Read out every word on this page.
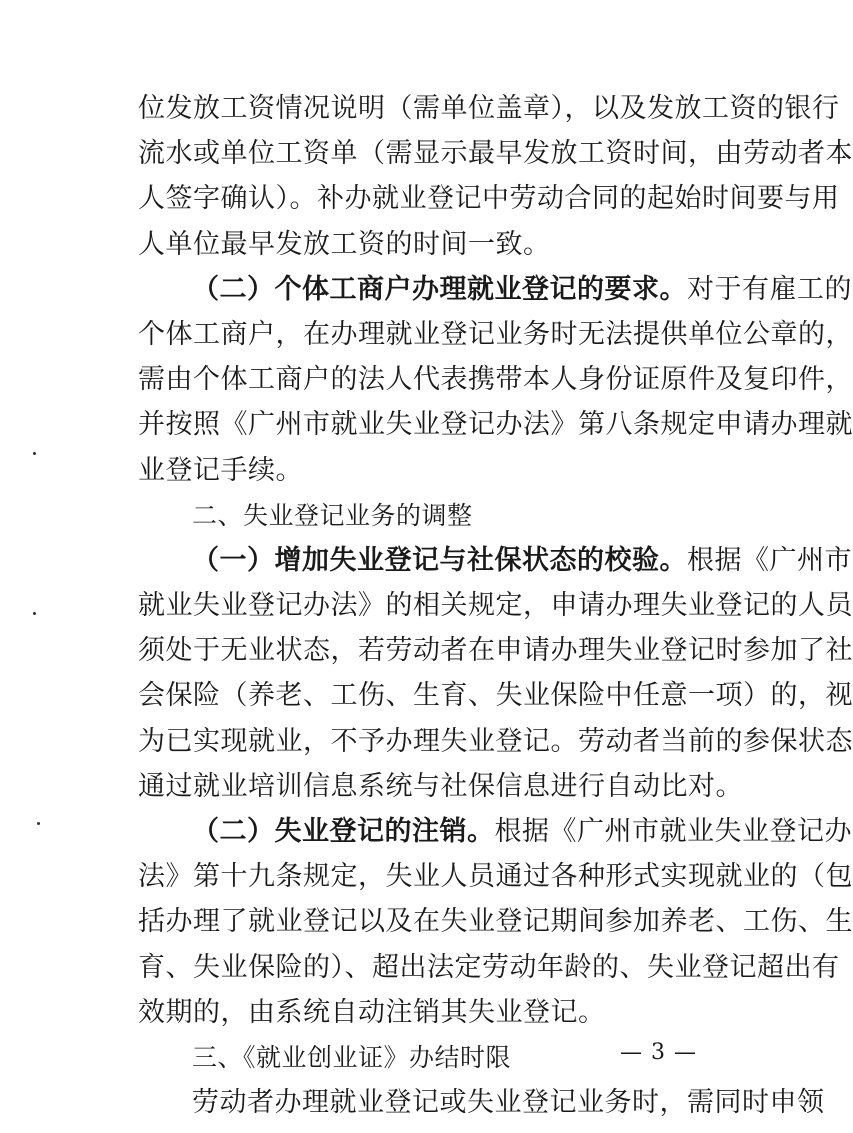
位发放工资情况说明（需单位盖章），以及发放工资的银行
流水或单位工资单（需显示最早发放工资时间，由劳动者本
人签字确认）。补办就业登记中劳动合同的起始时间要与用
人单位最早发放工资的时间一致。
（二）个体工商户办理就业登记的要求。对于有雇工的
个体工商户，在办理就业登记业务时无法提供单位公章的，
需由个体工商户的法人代表携带本人身份证原件及复印件，
并按照《广州市就业失业登记办法》第八条规定申请办理就
业登记手续。
二、失业登记业务的调整
（一）增加失业登记与社保状态的校验。根据《广州市
就业失业登记办法》的相关规定，申请办理失业登记的人员
须处于无业状态，若劳动者在申请办理失业登记时参加了社
会保险（养老、工伤、生育、失业保险中任意一项）的，视
为已实现就业，不予办理失业登记。劳动者当前的参保状态
通过就业培训信息系统与社保信息进行自动比对。
（二）失业登记的注销。根据《广州市就业失业登记办
法》第十九条规定，失业人员通过各种形式实现就业的（包
括办理了就业登记以及在失业登记期间参加养老、工伤、生
育、失业保险的）、超出法定劳动年龄的、失业登记超出有
效期的，由系统自动注销其失业登记。
三、《就业创业证》办结时限
劳动者办理就业登记或失业登记业务时，需同时申领
— 3 —
